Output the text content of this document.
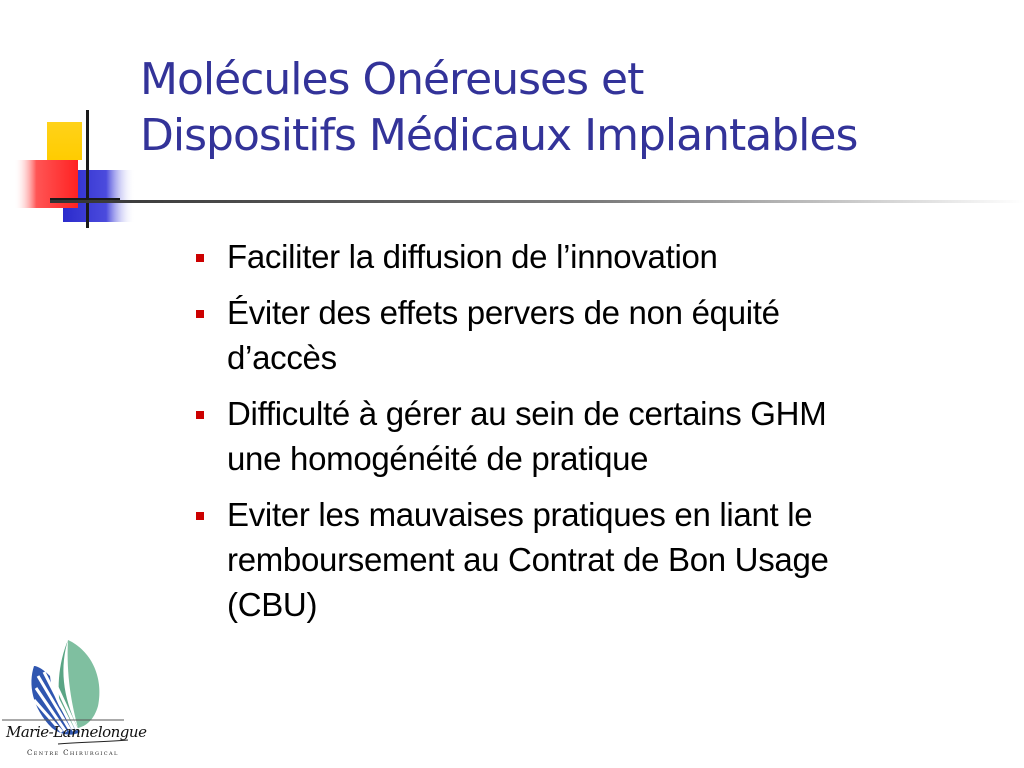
Molécules Onéreuses et
Dispositifs Médicaux Implantables
Faciliter la diffusion de l’innovation
Éviter des effets pervers de non équité
d’accès
Difficulté à gérer au sein de certains GHM
une homogénéité de pratique
Eviter les mauvaises pratiques en liant le
remboursement au Contrat de Bon Usage
(CBU)
Marie-Lannelongue
Centre Chirurgical
